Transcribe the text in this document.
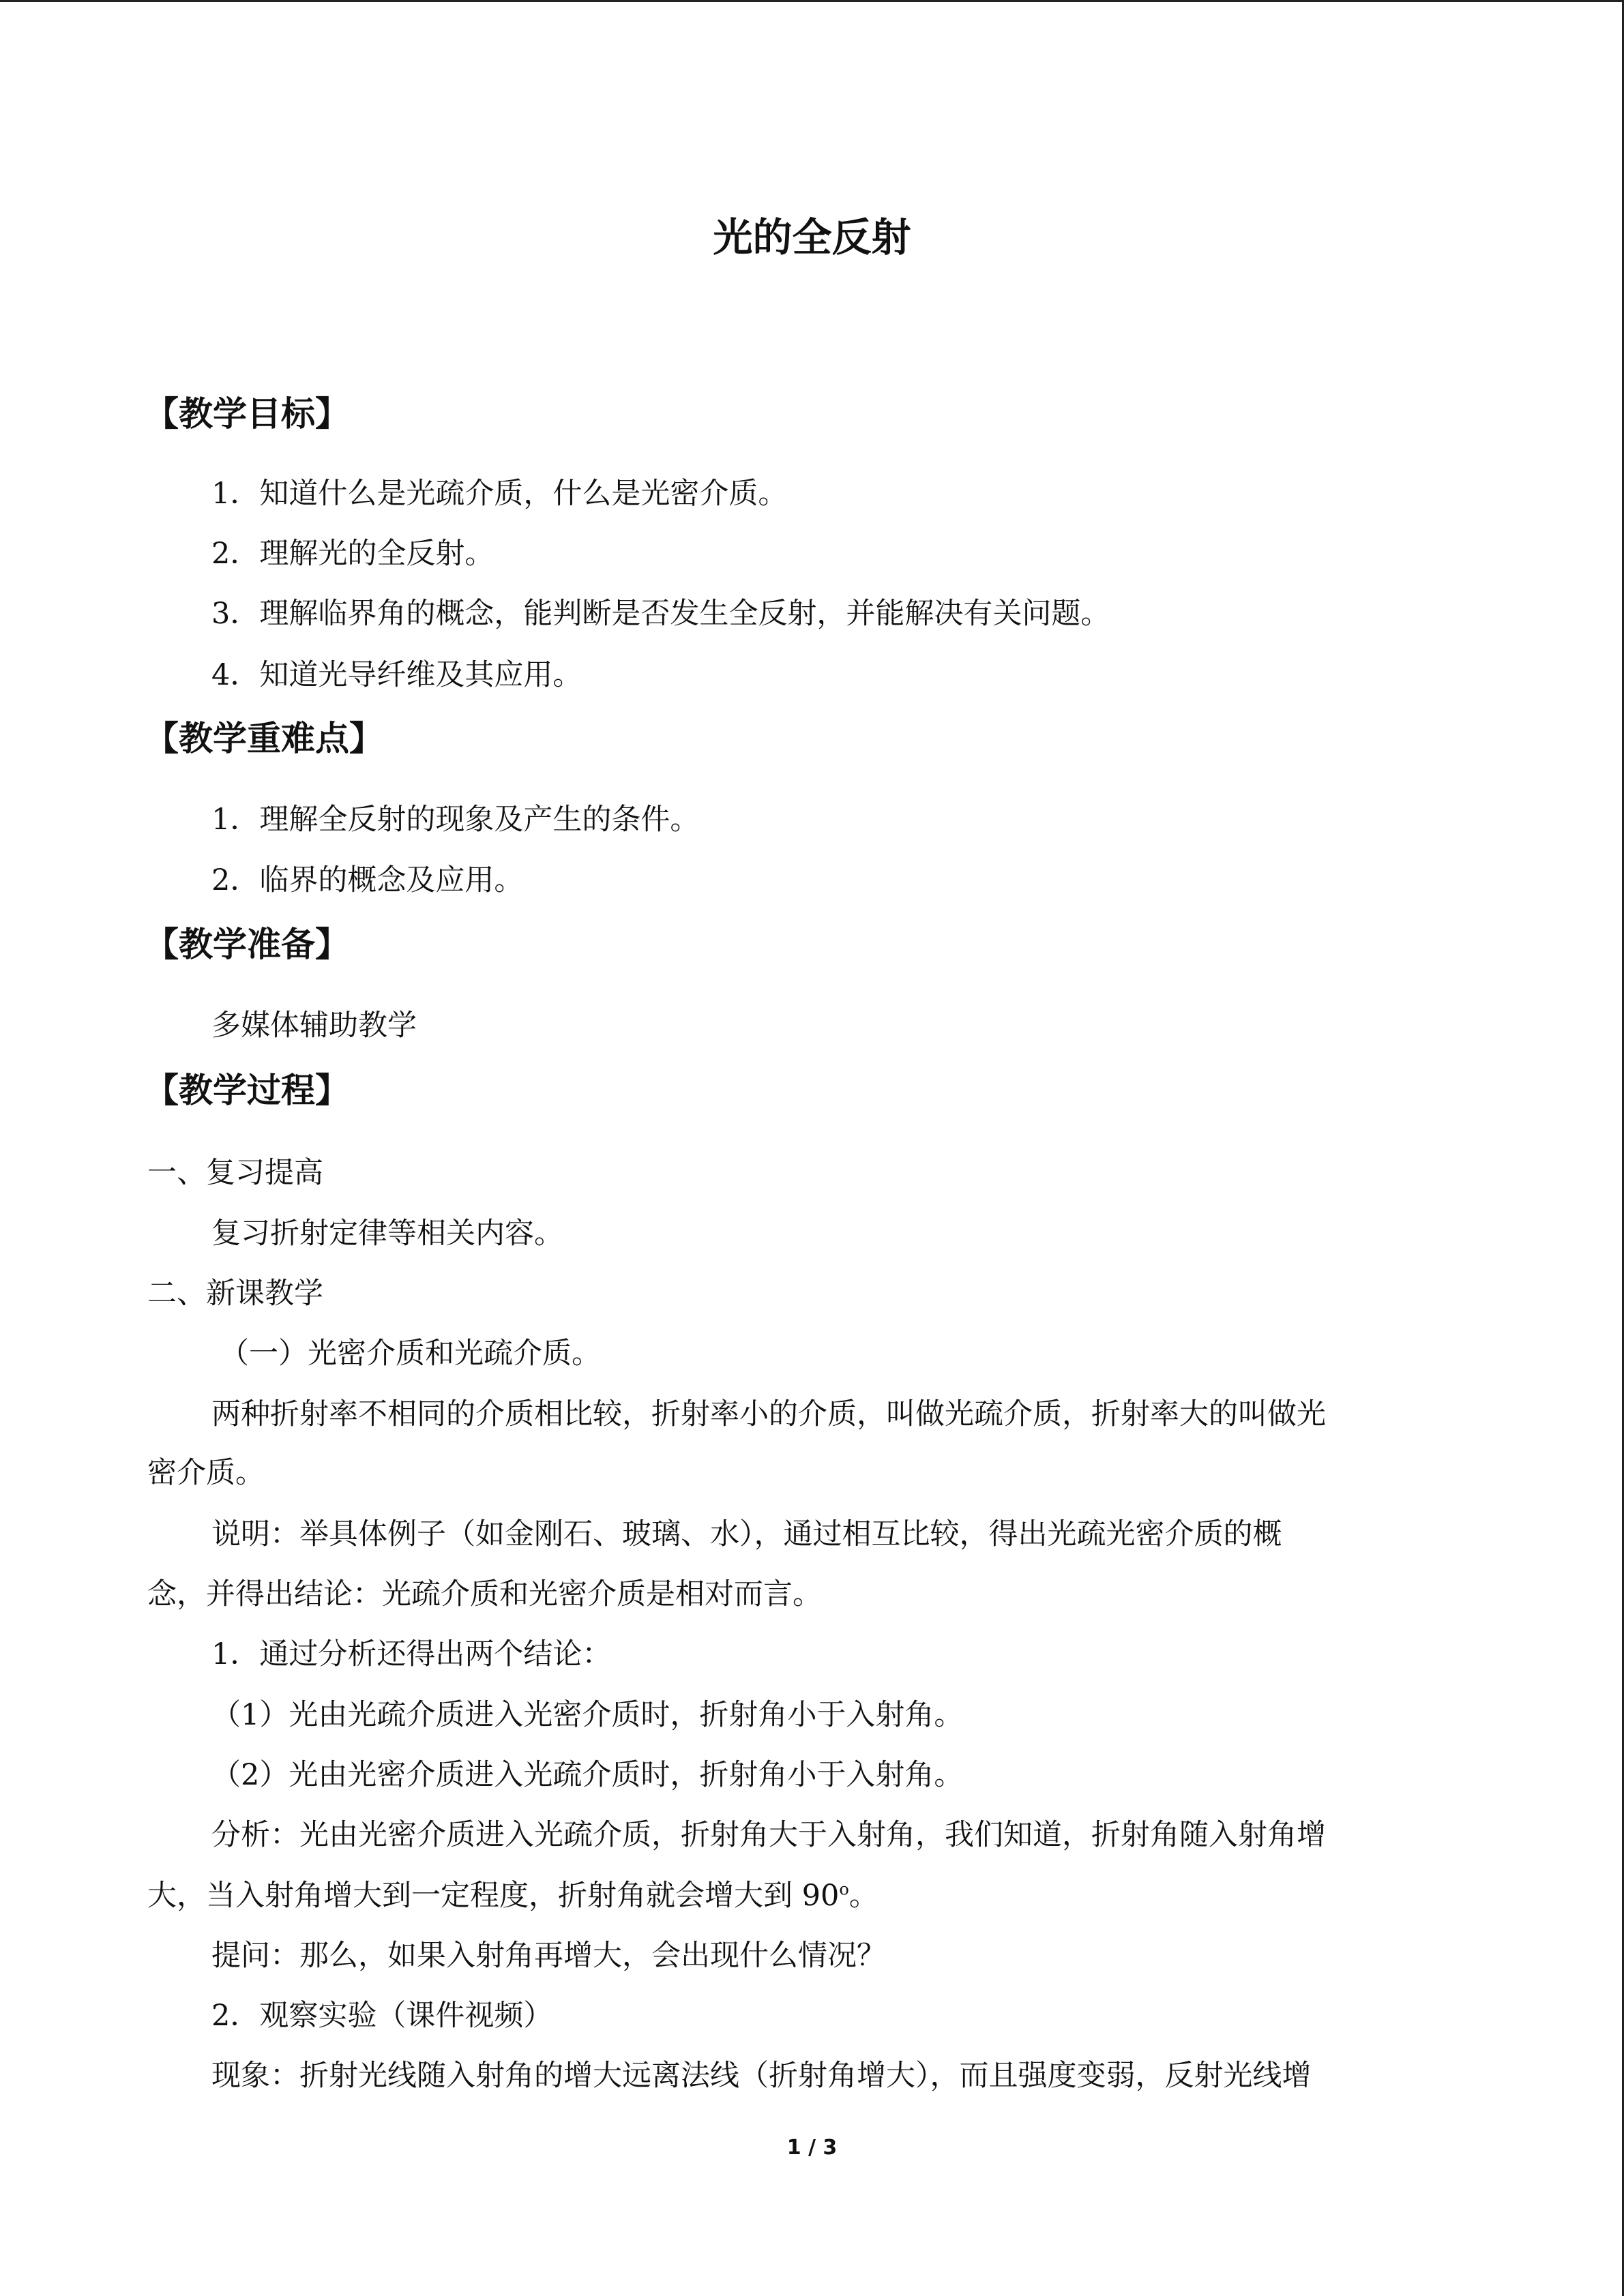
光的全反射
【教学目标】

1．知道什么是光疏介质，什么是光密介质。

2．理解光的全反射。

3．理解临界角的概念，能判断是否发生全反射，并能解决有关问题。

4．知道光导纤维及其应用。

【教学重难点】

1．理解全反射的现象及产生的条件。

2．临界的概念及应用。

【教学准备】

多媒体辅助教学

【教学过程】

一、复习提高

复习折射定律等相关内容。

二、新课教学

（一）光密介质和光疏介质。

两种折射率不相同的介质相比较，折射率小的介质，叫做光疏介质，折射率大的叫做光

密介质。

说明：举具体例子（如金刚石、玻璃、水），通过相互比较，得出光疏光密介质的概

念，并得出结论：光疏介质和光密介质是相对而言。

1．通过分析还得出两个结论：

（1）光由光疏介质进入光密介质时，折射角小于入射角。

（2）光由光密介质进入光疏介质时，折射角小于入射角。

分析：光由光密介质进入光疏介质，折射角大于入射角，我们知道，折射角随入射角增

大，当入射角增大到一定程度，折射角就会增大到 90$^o$。

提问：那么，如果入射角再增大，会出现什么情况？

2．观察实验（课件视频）

现象：折射光线随入射角的增大远离法线（折射角增大），而且强度变弱，反射光线增

1 / 3
